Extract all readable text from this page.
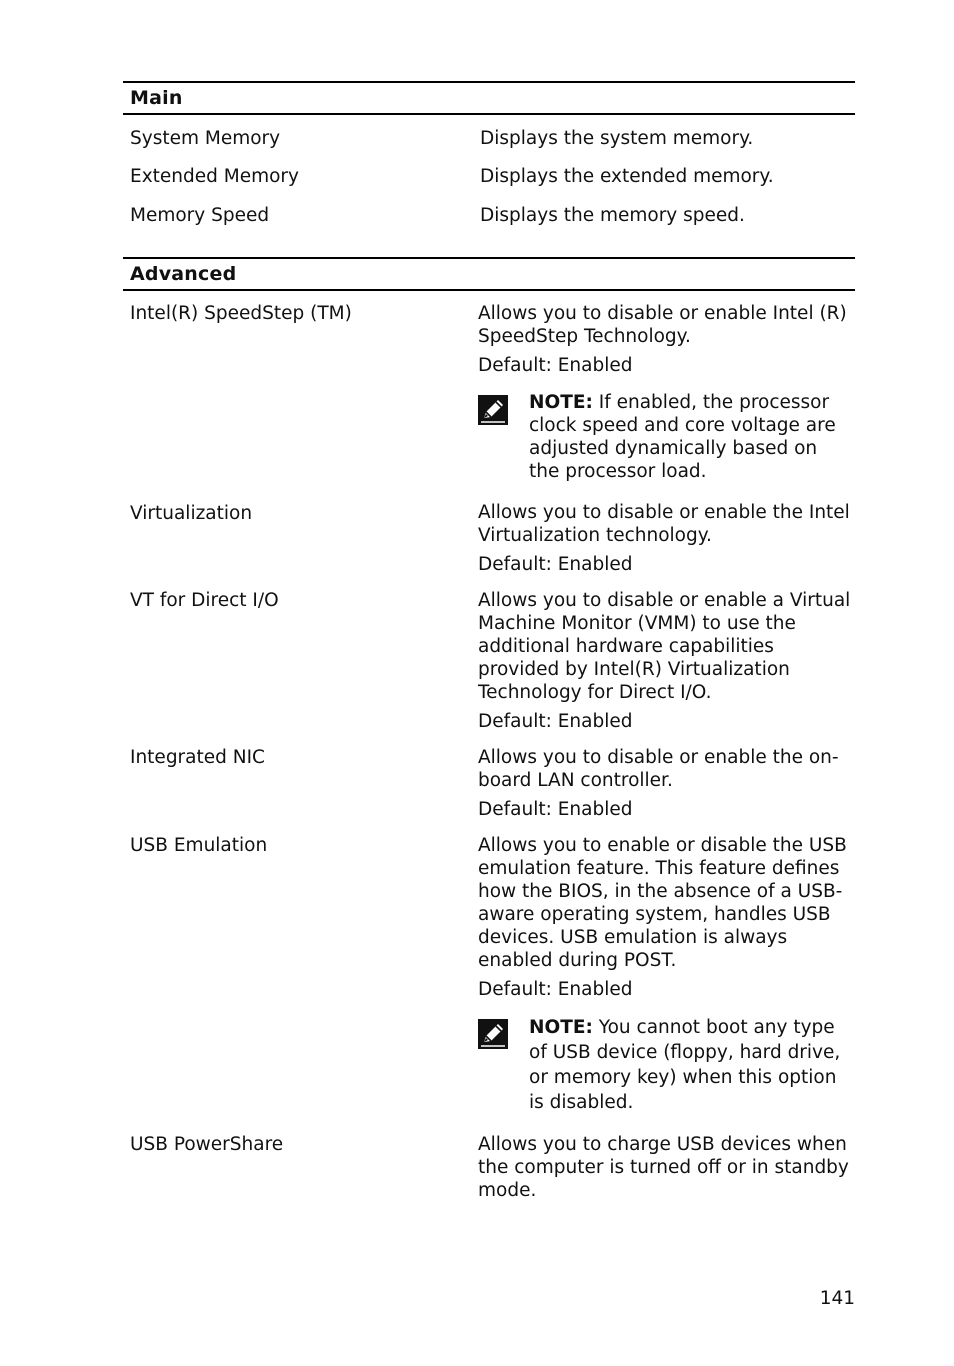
Main
System Memory	Displays the system memory.
Extended Memory	Displays the extended memory.
Memory Speed	Displays the memory speed.
Advanced
Intel(R) SpeedStep (TM)	Allows you to disable or enable Intel (R) SpeedStep Technology.

Default: Enabled
NOTE: If enabled, the processor clock speed and core voltage are adjusted dynamically based on the processor load.
Virtualization	Allows you to disable or enable the Intel Virtualization technology.

Default: Enabled
VT for Direct I/O	Allows you to disable or enable a Virtual Machine Monitor (VMM) to use the additional hardware capabilities provided by Intel(R) Virtualization Technology for Direct I/O.

Default: Enabled
Integrated NIC	Allows you to disable or enable the on-board LAN controller.

Default: Enabled
USB Emulation	Allows you to enable or disable the USB emulation feature. This feature defines how the BIOS, in the absence of a USB-aware operating system, handles USB devices. USB emulation is always enabled during POST.

Default: Enabled
NOTE: You cannot boot any type of USB device (floppy, hard drive, or memory key) when this option is disabled.
USB PowerShare	Allows you to charge USB devices when the computer is turned off or in standby mode.

141
